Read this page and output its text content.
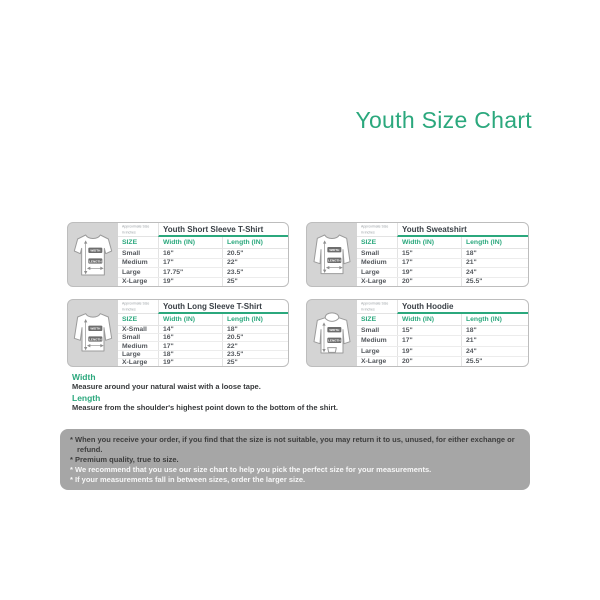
Youth Size Chart
WIDTH
LENGTH
Approximate Size
in inches	Youth Short Sleeve T-Shirt
SIZE	Width (IN)	Length (IN)
Small	16"	20.5"
Medium	17"	22"
Large	17.75"	23.5"
X-Large	19"	25"
WIDTH
LENGTH
Approximate Size
in inches	Youth Sweatshirt
SIZE	Width (IN)	Length (IN)
Small	15"	18"
Medium	17"	21"
Large	19"	24"
X-Large	20"	25.5"
WIDTH
LENGTH
Approximate Size
in inches	Youth Long Sleeve T-Shirt
SIZE	Width (IN)	Length (IN)
X-Small	14"	18"
Small	16"	20.5"
Medium	17"	22"
Large	18"	23.5"
X-Large	19"	25"
WIDTH
LENGTH
Approximate Size
in inches	Youth Hoodie
SIZE	Width (IN)	Length (IN)
Small	15"	18"
Medium	17"	21"
Large	19"	24"
X-Large	20"	25.5"
Width
Measure around your natural waist with a loose tape.
Length
Measure from the shoulder's highest point down to the bottom of the shirt.
* When you receive your order, if you find that the size is not suitable, you may return it to us, unused, for either exchange or refund.
* Premium quality, true to size.
* We recommend that you use our size chart to help you pick the perfect size for your measurements.
* If your measurements fall in between sizes, order the larger size.
